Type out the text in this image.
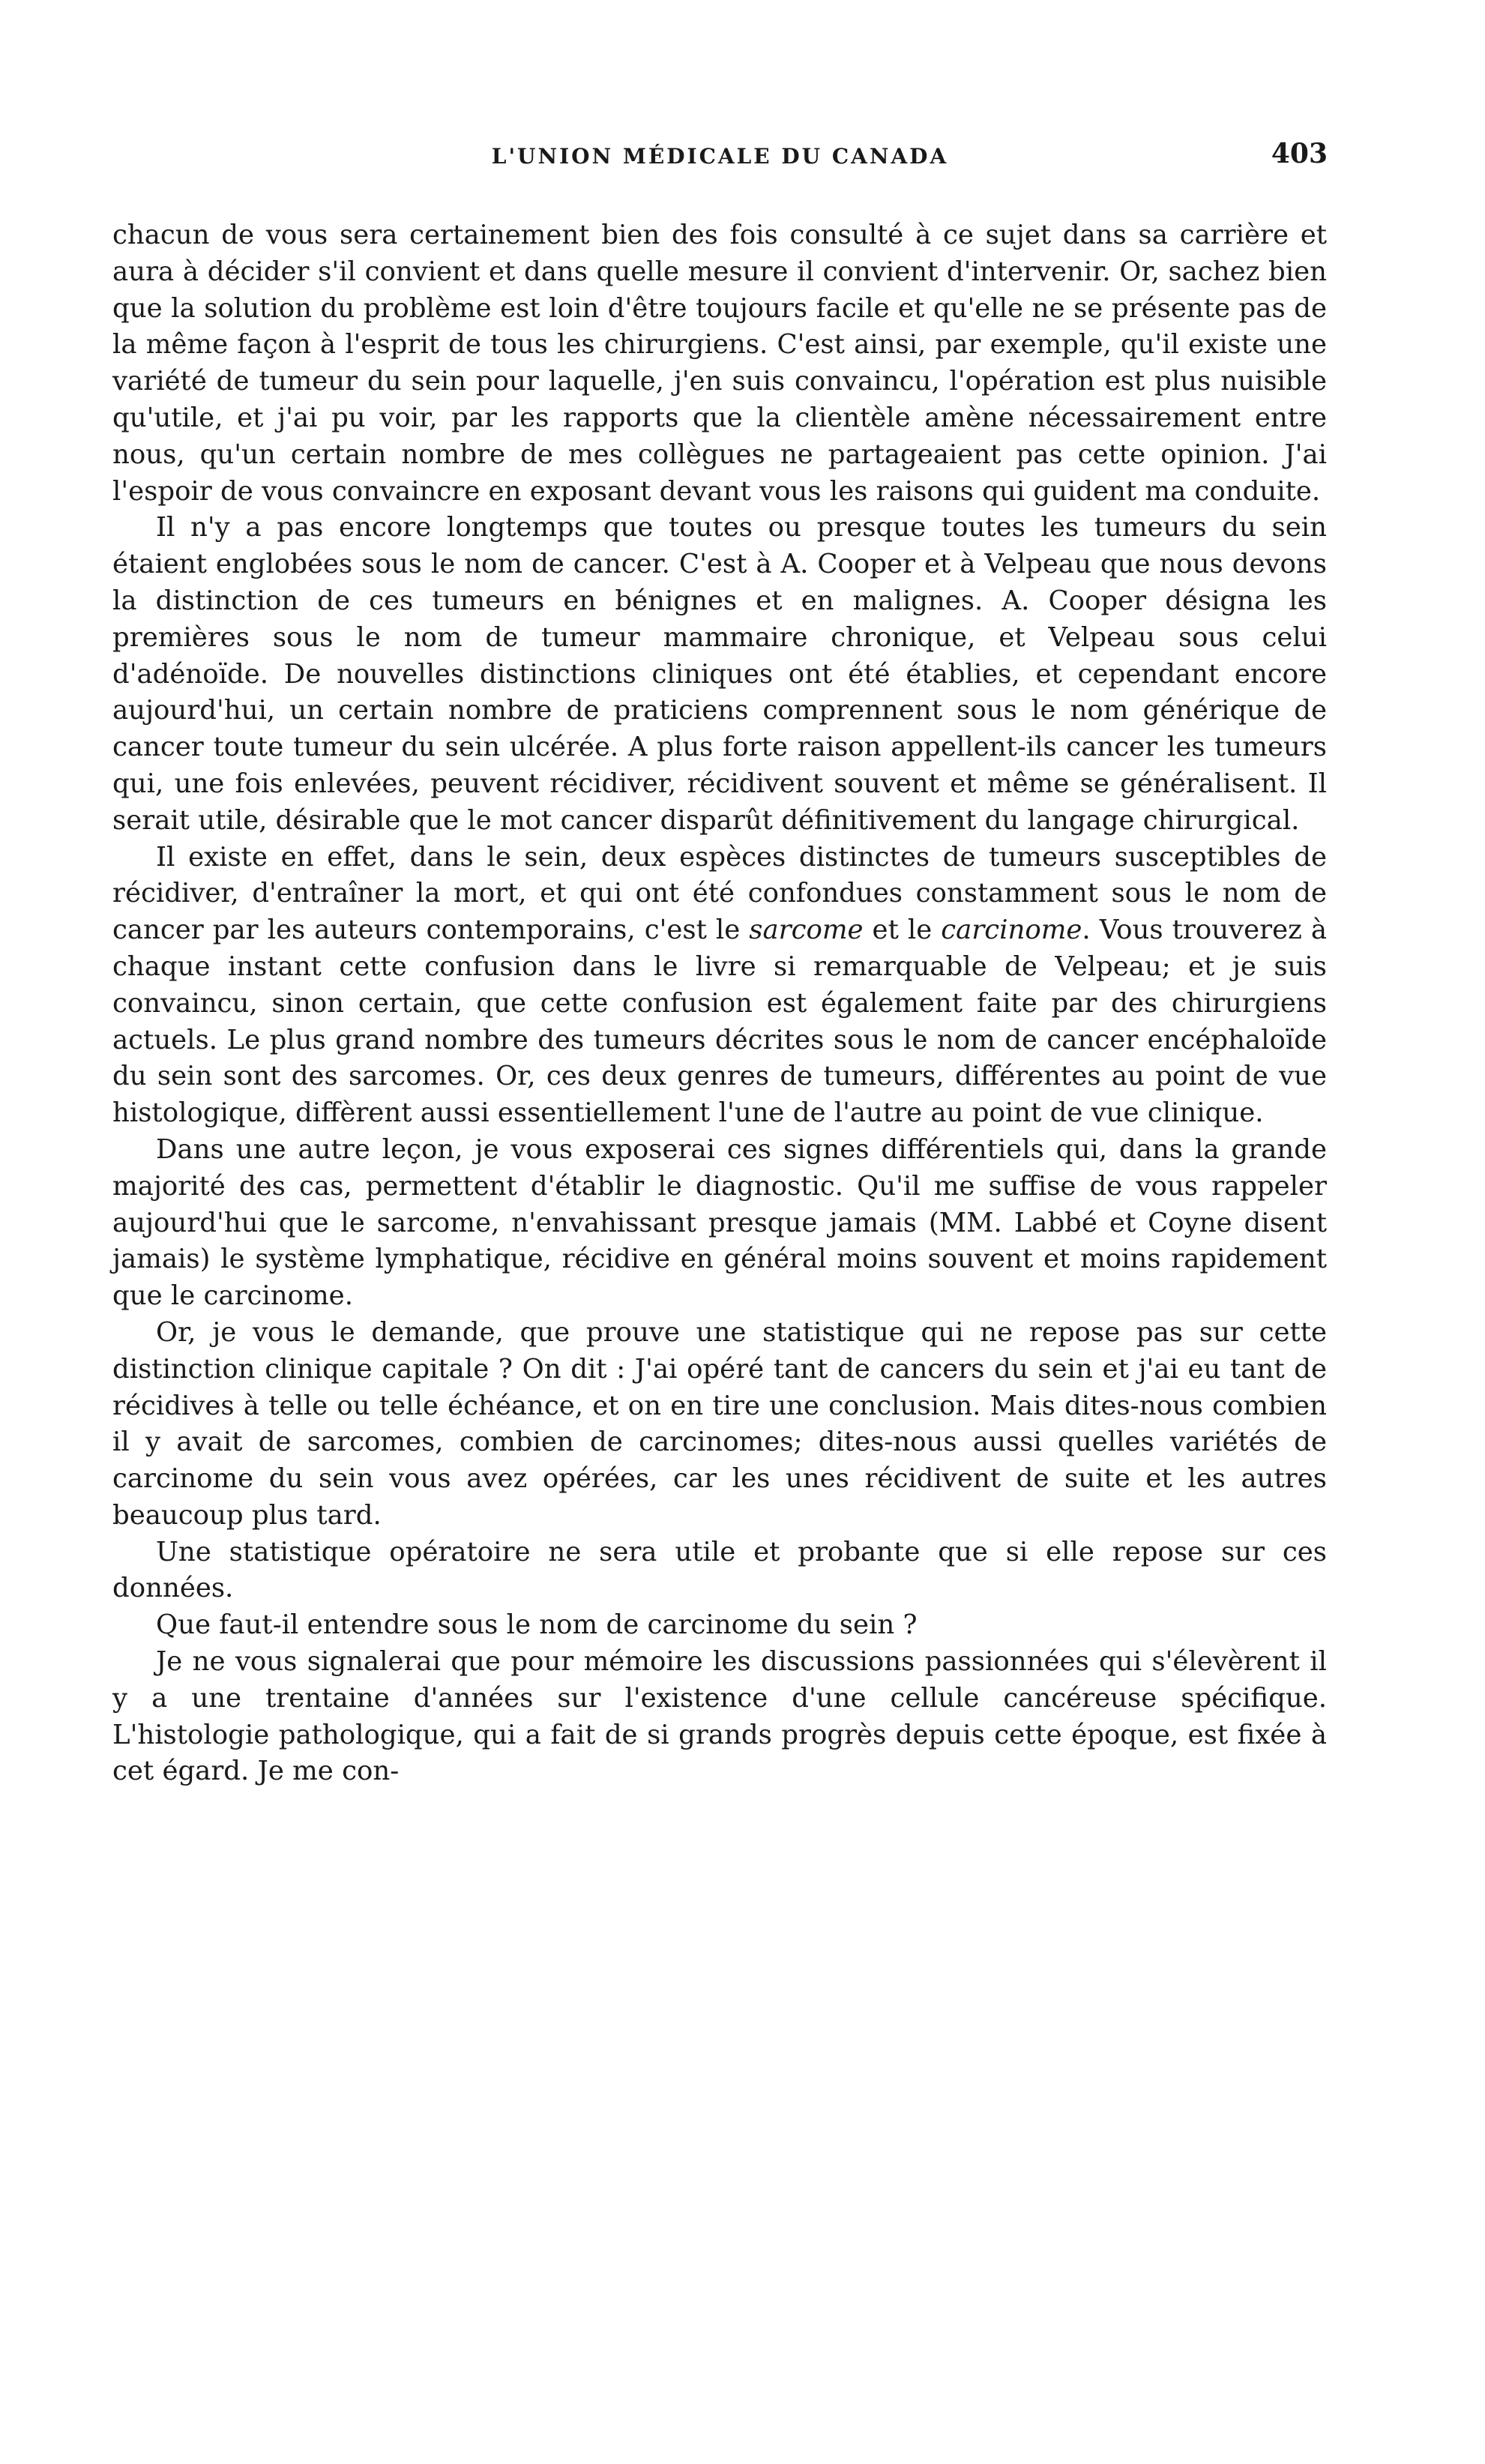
L'UNION MÉDICALE DU CANADA	403

chacun de vous sera certainement bien des fois consulté à ce sujet dans sa carrière et aura à décider s'il convient et dans quelle mesure il convient d'intervenir. Or, sachez bien que la solution du problème est loin d'être toujours facile et qu'elle ne se présente pas de la même façon à l'esprit de tous les chirurgiens. C'est ainsi, par exemple, qu'il existe une variété de tumeur du sein pour laquelle, j'en suis convaincu, l'opération est plus nuisible qu'utile, et j'ai pu voir, par les rapports que la clientèle amène nécessairement entre nous, qu'un certain nombre de mes collègues ne partageaient pas cette opinion. J'ai l'espoir de vous convaincre en exposant devant vous les raisons qui guident ma conduite.

Il n'y a pas encore longtemps que toutes ou presque toutes les tumeurs du sein étaient englobées sous le nom de cancer. C'est à A. Cooper et à Velpeau que nous devons la distinction de ces tumeurs en bénignes et en malignes. A. Cooper désigna les premières sous le nom de tumeur mammaire chronique, et Velpeau sous celui d'adénoïde. De nouvelles distinctions cliniques ont été établies, et cependant encore aujourd'hui, un certain nombre de praticiens comprennent sous le nom générique de cancer toute tumeur du sein ulcérée. A plus forte raison appellent-ils cancer les tumeurs qui, une fois enlevées, peuvent récidiver, récidivent souvent et même se généralisent. Il serait utile, désirable que le mot cancer disparût définitivement du langage chirurgical.

Il existe en effet, dans le sein, deux espèces distinctes de tumeurs susceptibles de récidiver, d'entraîner la mort, et qui ont été confondues constamment sous le nom de cancer par les auteurs contemporains, c'est le sarcome et le carcinome. Vous trouverez à chaque instant cette confusion dans le livre si remarquable de Velpeau; et je suis convaincu, sinon certain, que cette confusion est également faite par des chirurgiens actuels. Le plus grand nombre des tumeurs décrites sous le nom de cancer encéphaloïde du sein sont des sarcomes. Or, ces deux genres de tumeurs, différentes au point de vue histologique, diffèrent aussi essentiellement l'une de l'autre au point de vue clinique.

Dans une autre leçon, je vous exposerai ces signes différentiels qui, dans la grande majorité des cas, permettent d'établir le diagnostic. Qu'il me suffise de vous rappeler aujourd'hui que le sarcome, n'envahissant presque jamais (MM. Labbé et Coyne disent jamais) le système lymphatique, récidive en général moins souvent et moins rapidement que le carcinome.

Or, je vous le demande, que prouve une statistique qui ne repose pas sur cette distinction clinique capitale ? On dit : J'ai opéré tant de cancers du sein et j'ai eu tant de récidives à telle ou telle échéance, et on en tire une conclusion. Mais dites-nous combien il y avait de sarcomes, combien de carcinomes; dites-nous aussi quelles variétés de carcinome du sein vous avez opérées, car les unes récidivent de suite et les autres beaucoup plus tard.

Une statistique opératoire ne sera utile et probante que si elle repose sur ces données.

Que faut-il entendre sous le nom de carcinome du sein ?

Je ne vous signalerai que pour mémoire les discussions passionnées qui s'élevèrent il y a une trentaine d'années sur l'existence d'une cellule cancéreuse spécifique. L'histologie pathologique, qui a fait de si grands progrès depuis cette époque, est fixée à cet égard. Je me con-
